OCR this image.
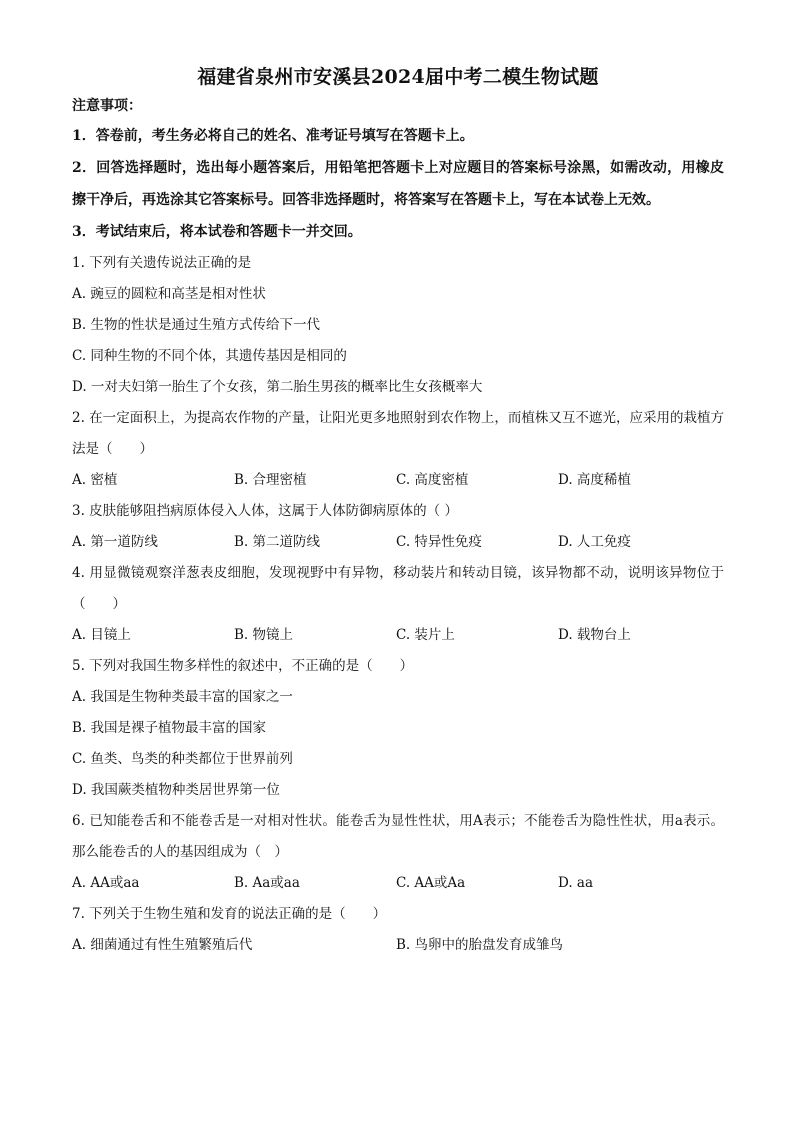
福建省泉州市安溪县2024届中考二模生物试题
注意事项：

1．答卷前，考生务必将自己的姓名、准考证号填写在答题卡上。

2．回答选择题时，选出每小题答案后，用铅笔把答题卡上对应题目的答案标号涂黑，如需改动，用橡皮擦干净后，再选涂其它答案标号。回答非选择题时，将答案写在答题卡上，写在本试卷上无效。

3．考试结束后，将本试卷和答题卡一并交回。

1. 下列有关遗传说法正确的是

A. 豌豆的圆粒和高茎是相对性状

B. 生物的性状是通过生殖方式传给下一代

C. 同种生物的不同个体，其遗传基因是相同的

D. 一对夫妇第一胎生了个女孩，第二胎生男孩的概率比生女孩概率大

2. 在一定面积上，为提高农作物的产量，让阳光更多地照射到农作物上，而植株又互不遮光，应采用的栽植方法是（　　）

A. 密植	B. 合理密植	C. 高度密植	D. 高度稀植

3. 皮肤能够阻挡病原体侵入人体，这属于人体防御病原体的（ ）

A. 第一道防线	B. 第二道防线	C. 特异性免疫	D. 人工免疫

4. 用显微镜观察洋葱表皮细胞，发现视野中有异物，移动装片和转动目镜，该异物都不动，说明该异物位于（　　）

A. 目镜上	B. 物镜上	C. 装片上	D. 载物台上

5. 下列对我国生物多样性的叙述中，不正确的是（　　）

A. 我国是生物种类最丰富的国家之一

B. 我国是裸子植物最丰富的国家

C. 鱼类、鸟类的种类都位于世界前列

D. 我国蕨类植物种类居世界第一位

6. 已知能卷舌和不能卷舌是一对相对性状。能卷舌为显性性状，用A表示；不能卷舌为隐性性状，用a表示。那么能卷舌的人的基因组成为（　）

A. AA或aa	B. Aa或aa	C. AA或Aa	D. aa

7. 下列关于生物生殖和发育的说法正确的是（　　）

A. 细菌通过有性生殖繁殖后代	B. 鸟卵中的胎盘发育成雏鸟
